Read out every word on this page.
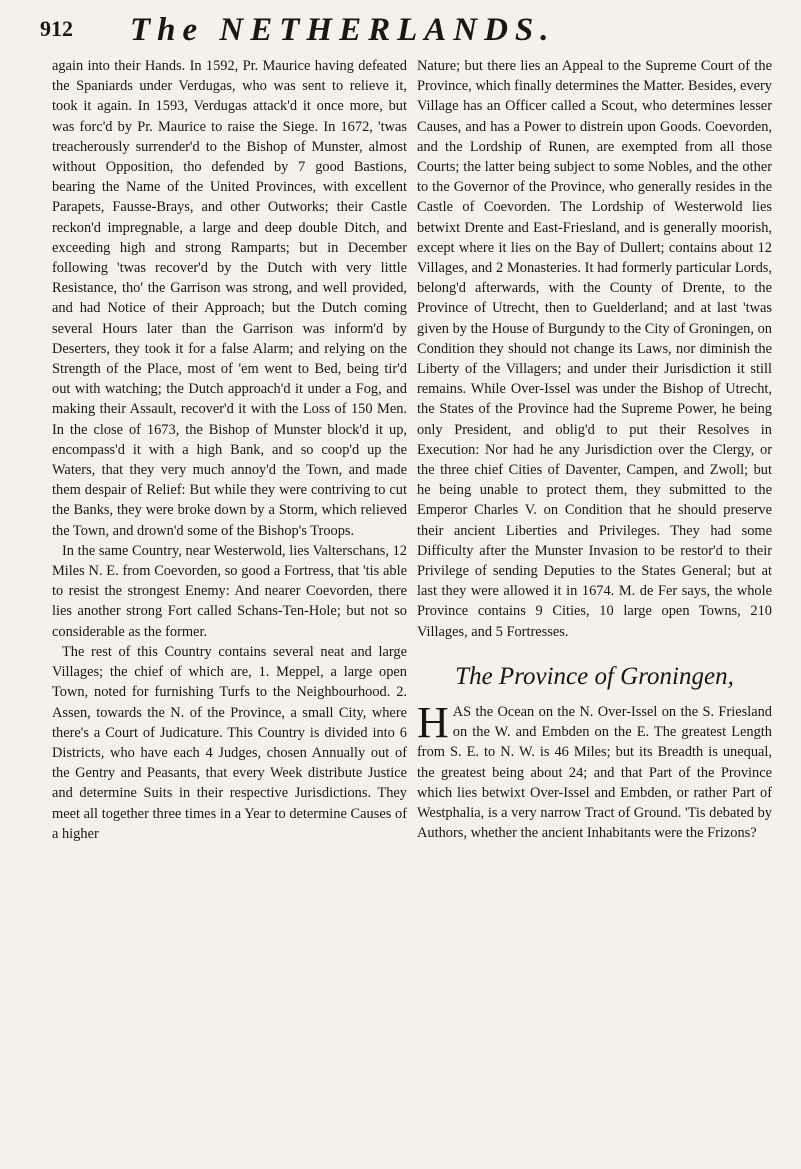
912 The NETHERLANDS.

again into their Hands. In 1592, Pr. Maurice having defeated the Spaniards under Verdugas, who was sent to relieve it, took it again. In 1593, Verdugas attack'd it once more, but was forc'd by Pr. Maurice to raise the Siege. In 1672, 'twas treacherously surrender'd to the Bishop of Munster, almost without Opposition, tho defended by 7 good Bastions, bearing the Name of the United Provinces, with excellent Parapets, Fausse-Brays, and other Outworks; their Castle reckon'd impregnable, a large and deep double Ditch, and exceeding high and strong Ramparts; but in December following 'twas recover'd by the Dutch with very little Resistance, tho' the Garrison was strong, and well provided, and had Notice of their Approach; but the Dutch coming several Hours later than the Garrison was inform'd by Deserters, they took it for a false Alarm; and relying on the Strength of the Place, most of 'em went to Bed, being tir'd out with watching; the Dutch approach'd it under a Fog, and making their Assault, recover'd it with the Loss of 150 Men. In the close of 1673, the Bishop of Munster block'd it up, encompass'd it with a high Bank, and so coop'd up the Waters, that they very much annoy'd the Town, and made them despair of Relief: But while they were contriving to cut the Banks, they were broke down by a Storm, which relieved the Town, and drown'd some of the Bishop's Troops.

In the same Country, near Westerwold, lies Valterschans, 12 Miles N. E. from Coevorden, so good a Fortress, that 'tis able to resist the strongest Enemy: And nearer Coevorden, there lies another strong Fort called Schans-Ten-Hole; but not so considerable as the former.

The rest of this Country contains several neat and large Villages; the chief of which are, 1. Meppel, a large open Town, noted for furnishing Turfs to the Neighbourhood. 2. Assen, towards the N. of the Province, a small City, where there's a Court of Judicature. This Country is divided into 6 Districts, who have each 4 Judges, chosen Annually out of the Gentry and Peasants, that every Week distribute Justice and determine Suits in their respective Jurisdictions. They meet all together three times in a Year to determine Causes of a higher

Nature; but there lies an Appeal to the Supreme Court of the Province, which finally determines the Matter. Besides, every Village has an Officer called a Scout, who determines lesser Causes, and has a Power to distrein upon Goods. Coevorden, and the Lordship of Runen, are exempted from all those Courts; the latter being subject to some Nobles, and the other to the Governor of the Province, who generally resides in the Castle of Coevorden. The Lordship of Westerwold lies betwixt Drente and East-Friesland, and is generally moorish, except where it lies on the Bay of Dullert; contains about 12 Villages, and 2 Monasteries. It had formerly particular Lords, belong'd afterwards, with the County of Drente, to the Province of Utrecht, then to Guelderland; and at last 'twas given by the House of Burgundy to the City of Groningen, on Condition they should not change its Laws, nor diminish the Liberty of the Villagers; and under their Jurisdiction it still remains. While Over-Issel was under the Bishop of Utrecht, the States of the Province had the Supreme Power, he being only President, and oblig'd to put their Resolves in Execution: Nor had he any Jurisdiction over the Clergy, or the three chief Cities of Daventer, Campen, and Zwoll; but he being unable to protect them, they submitted to the Emperor Charles V. on Condition that he should preserve their ancient Liberties and Privileges. They had some Difficulty after the Munster Invasion to be restor'd to their Privilege of sending Deputies to the States General; but at last they were allowed it in 1674. M. de Fer says, the whole Province contains 9 Cities, 10 large open Towns, 210 Villages, and 5 Fortresses.

The Province of Groningen,

HAS the Ocean on the N. Over-Issel on the S. Friesland on the W. and Embden on the E. The greatest Length from S. E. to N. W. is 46 Miles; but its Breadth is unequal, the greatest being about 24; and that Part of the Province which lies betwixt Over-Issel and Embden, or rather Part of Westphalia, is a very narrow Tract of Ground. 'Tis debated by Authors, whether the ancient Inhabitants were the Frizons?
